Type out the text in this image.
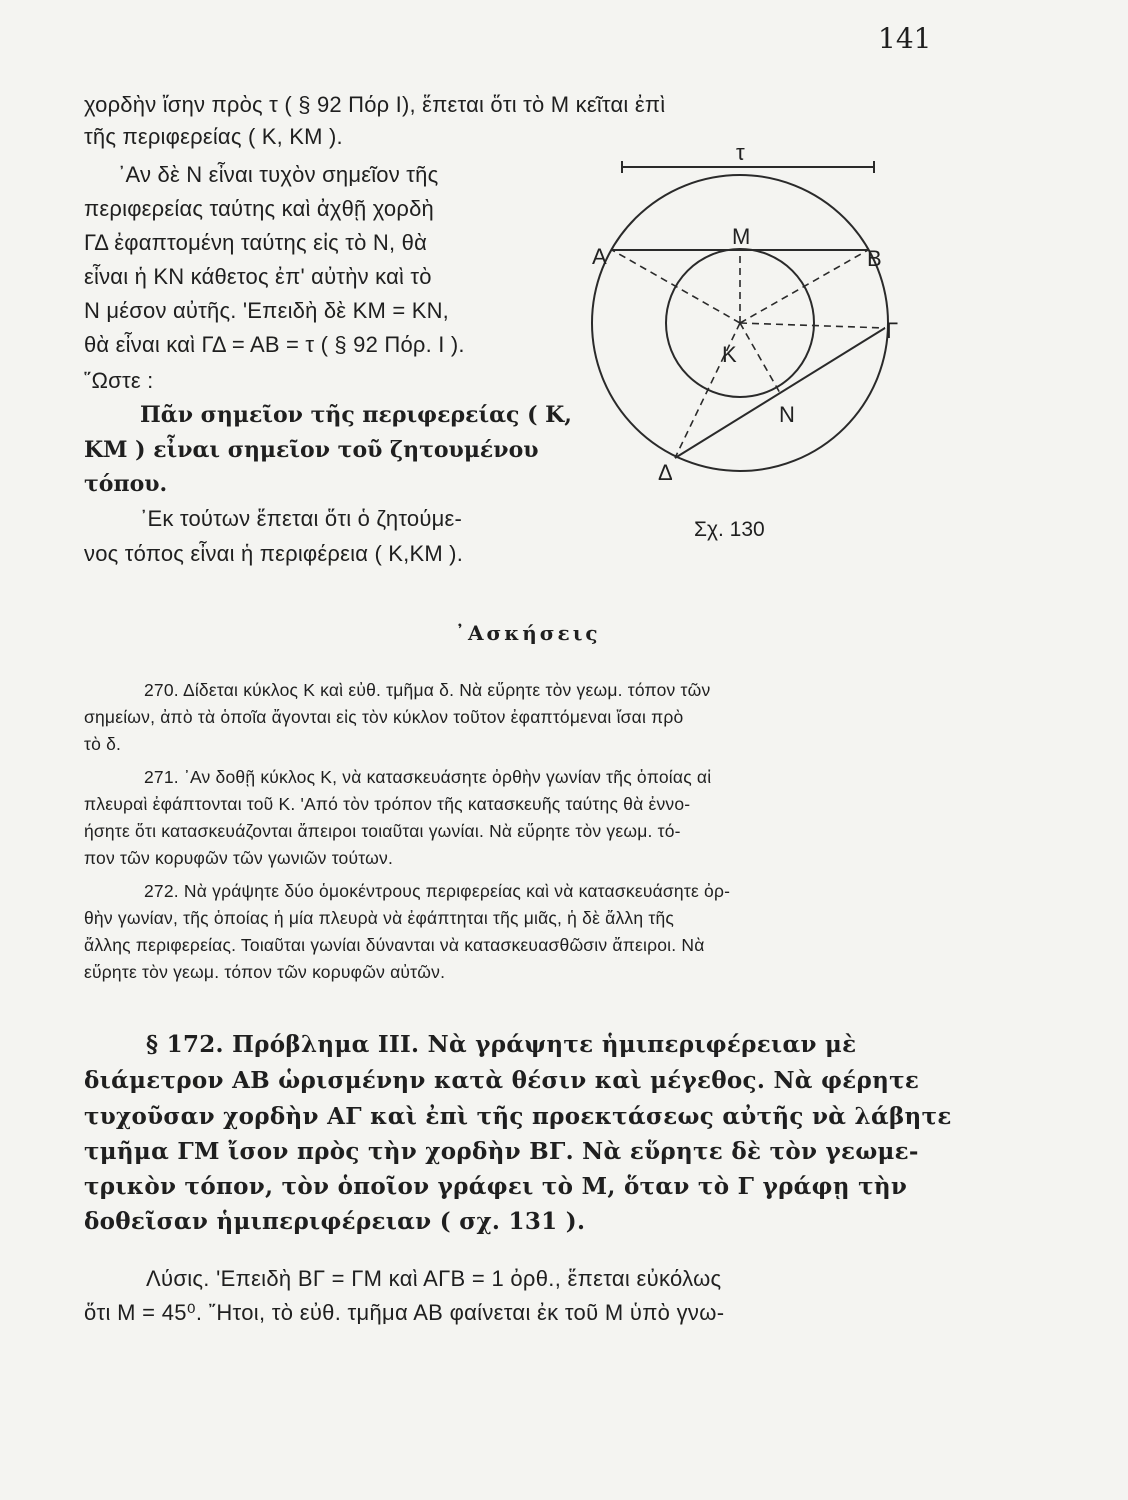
141
χορδὴν ἴσην πρὸς τ ( § 92 Πόρ Ι), ἕπεται ὅτι τὸ Μ κεῖται ἐπὶ
τῆς περιφερείας ( Κ, ΚΜ ).
᾿Αν δὲ Ν εἶναι τυχὸν σημεῖον τῆς
περιφερείας ταύτης καὶ ἀχθῇ χορδὴ
ΓΔ ἐφαπτομένη ταύτης εἰς τὸ Ν, θὰ
εἶναι ἡ ΚΝ κάθετος ἐπ' αὐτὴν καὶ τὸ
Ν μέσον αὐτῆς. 'Επειδὴ δὲ ΚΜ = ΚΝ,
θὰ εἶναι καὶ ΓΔ = ΑΒ = τ ( § 92 Πόρ. Ι ).
῞Ωστε :
Πᾶν σημεῖον τῆς περιφερείας ( Κ,
ΚΜ ) εἶναι σημεῖον τοῦ ζητουμένου
τόπου.
᾿Εκ τούτων ἕπεται ὅτι ὁ ζητούμε-
νος τόπος εἶναι ἡ περιφέρεια ( Κ,ΚΜ ).
τ
Α	Β
Μ
Κ
Ν
Γ
Δ
Σχ. 130
᾿Ασκήσεις
270. Δίδεται κύκλος Κ καὶ εὐθ. τμῆμα δ. Νὰ εὕρητε τὸν γεωμ. τόπον τῶν
σημείων, ἀπὸ τὰ ὁποῖα ἄγονται εἰς τὸν κύκλον τοῦτον ἐφαπτόμεναι ἴσαι πρὸ
τὸ δ.
271. ᾿Αν δοθῇ κύκλος Κ, νὰ κατασκευάσητε ὀρθὴν γωνίαν τῆς ὁποίας αἱ
πλευραὶ ἐφάπτονται τοῦ Κ. 'Από τὸν τρόπον τῆς κατασκευῆς ταύτης θὰ ἐννο-
ήσητε ὅτι κατασκευάζονται ἄπειροι τοιαῦται γωνίαι. Νὰ εὕρητε τὸν γεωμ. τό-
πον τῶν κορυφῶν τῶν γωνιῶν τούτων.
272. Νὰ γράψητε δύο ὁμοκέντρους περιφερείας καὶ νὰ κατασκευάσητε ὀρ-
θὴν γωνίαν, τῆς ὁποίας ἡ μία πλευρὰ νὰ ἐφάπτηται τῆς μιᾶς, ἡ δὲ ἄλλη τῆς
ἄλλης περιφερείας. Τοιαῦται γωνίαι δύνανται νὰ κατασκευασθῶσιν ἄπειροι. Νὰ
εὕρητε τὸν γεωμ. τόπον τῶν κορυφῶν αὐτῶν.
§ 172. Πρόβλημα ΙΙΙ. Νὰ γράψητε ἡμιπεριφέρειαν μὲ
διάμετρον ΑΒ ὡρισμένην κατὰ θέσιν καὶ μέγεθος. Νὰ φέρητε
τυχοῦσαν χορδὴν ΑΓ καὶ ἐπὶ τῆς προεκτάσεως αὐτῆς νὰ λάβητε
τμῆμα ΓΜ ἴσον πρὸς τὴν χορδὴν ΒΓ. Νὰ εὕρητε δὲ τὸν γεωμε-
τρικὸν τόπον, τὸν ὁποῖον γράφει τὸ Μ, ὅταν τὸ Γ γράφῃ τὴν
δοθεῖσαν ἡμιπεριφέρειαν ( σχ. 131 ).
Λύσις. 'Επειδὴ ΒΓ = ΓΜ καὶ ΑΓΒ = 1 ὀρθ., ἕπεται εὐκόλως
ὅτι Μ = 45⁰. ῎Ητοι, τὸ εὐθ. τμῆμα ΑΒ φαίνεται ἐκ τοῦ Μ ὑπὸ γνω-
